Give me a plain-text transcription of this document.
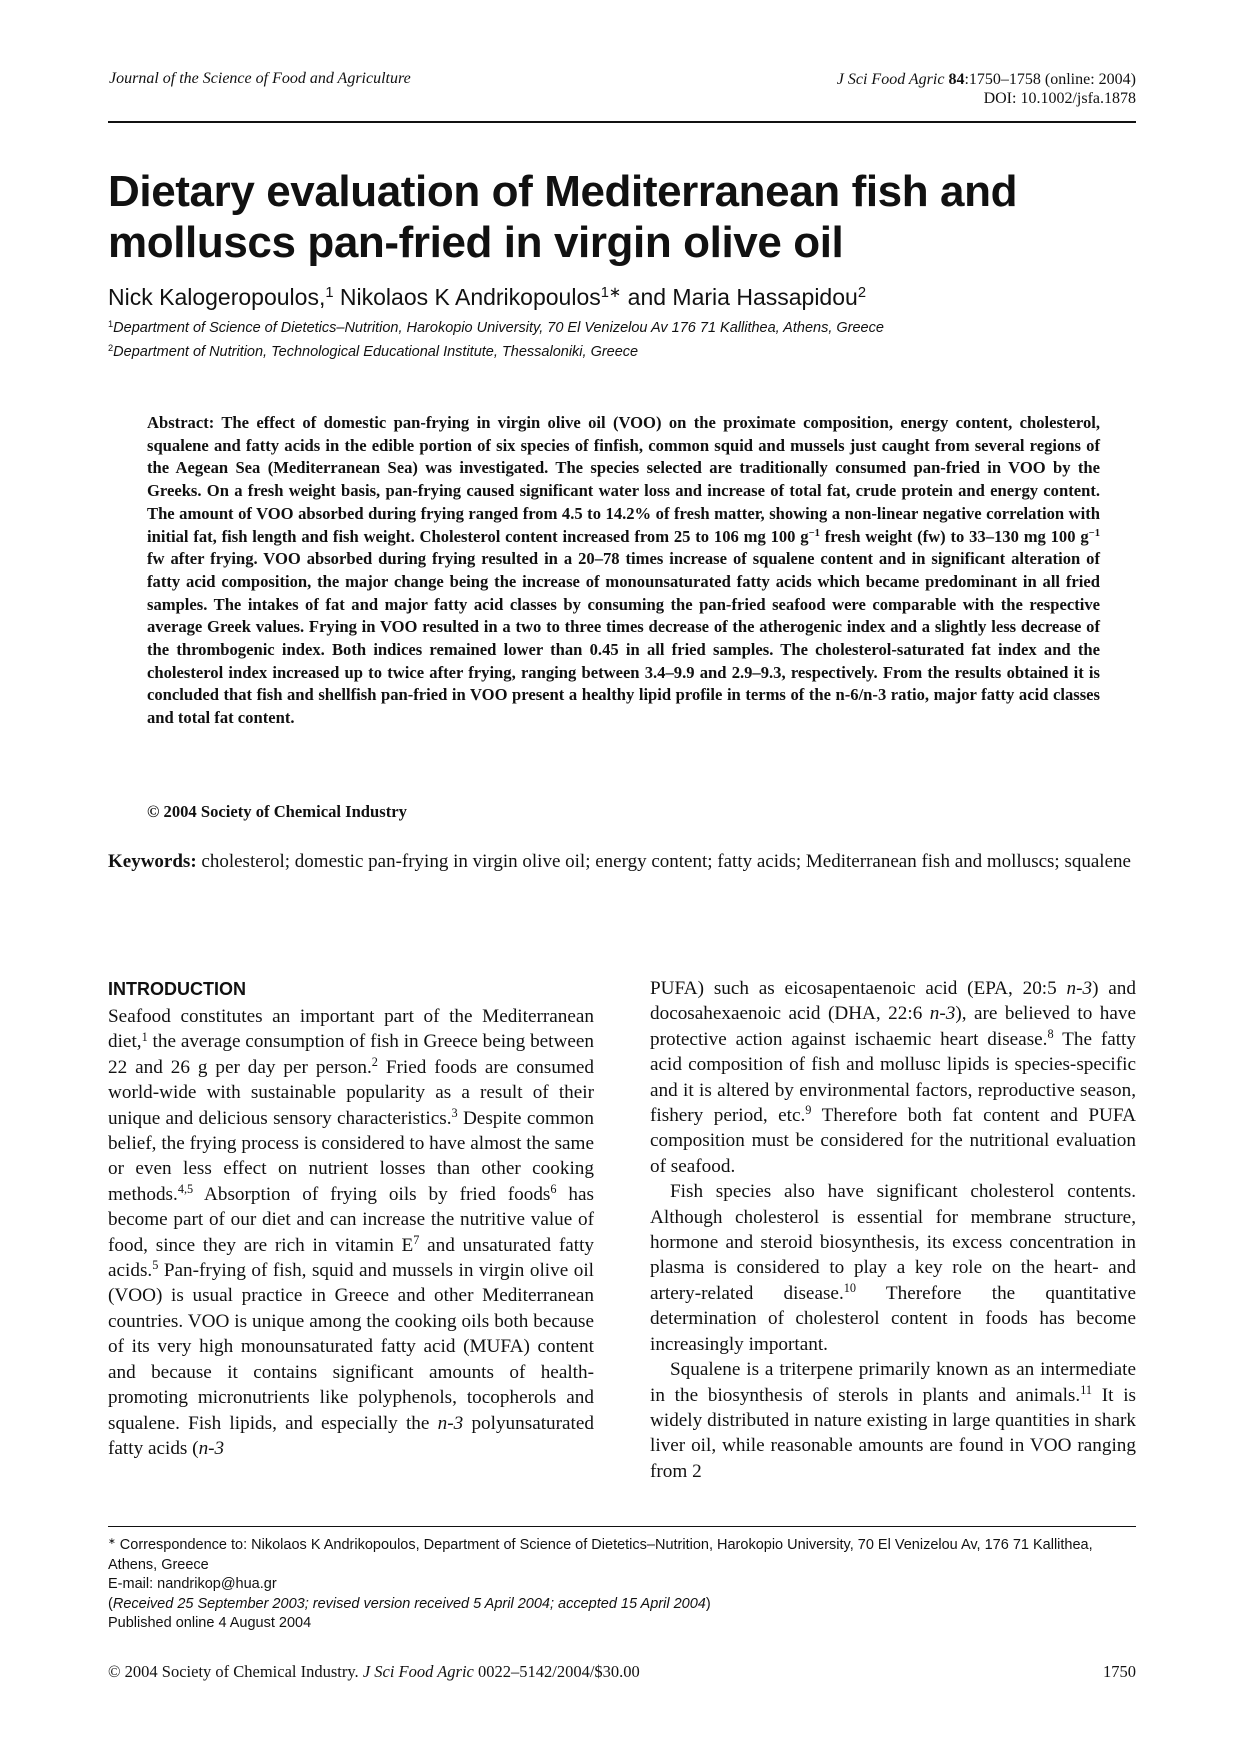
Journal of the Science of Food and Agriculture	J Sci Food Agric 84:1750–1758 (online: 2004)
DOI: 10.1002/jsfa.1878
Dietary evaluation of Mediterranean fish and
molluscs pan-fried in virgin olive oil
Nick Kalogeropoulos,$^1$ Nikolaos K Andrikopoulos$^{1∗}$ and Maria Hassapidou$^2$
$^1$Department of Science of Dietetics–Nutrition, Harokopio University, 70 El Venizelou Av 176 71 Kallithea, Athens, Greece
$^2$Department of Nutrition, Technological Educational Institute, Thessaloniki, Greece

Abstract: The effect of domestic pan-frying in virgin olive oil (VOO) on the proximate composition, energy content, cholesterol, squalene and fatty acids in the edible portion of six species of finfish, common squid and mussels just caught from several regions of the Aegean Sea (Mediterranean Sea) was investigated. The species selected are traditionally consumed pan-fried in VOO by the Greeks. On a fresh weight basis, pan-frying caused significant water loss and increase of total fat, crude protein and energy content. The amount of VOO absorbed during frying ranged from 4.5 to 14.2% of fresh matter, showing a non-linear negative correlation with initial fat, fish length and fish weight. Cholesterol content increased from 25 to 106 mg 100 $g^{-1}$ fresh weight (fw) to 33–130 mg 100 $g^{-1}$ fw after frying. VOO absorbed during frying resulted in a 20–78 times increase of squalene content and in significant alteration of fatty acid composition, the major change being the increase of monounsaturated fatty acids which became predominant in all fried samples. The intakes of fat and major fatty acid classes by consuming the pan-fried seafood were comparable with the respective average Greek values. Frying in VOO resulted in a two to three times decrease of the atherogenic index and a slightly less decrease of the thrombogenic index. Both indices remained lower than 0.45 in all fried samples. The cholesterol-saturated fat index and the cholesterol index increased up to twice after frying, ranging between 3.4–9.9 and 2.9–9.3, respectively. From the results obtained it is concluded that fish and shellfish pan-fried in VOO present a healthy lipid profile in terms of the n-6/n-3 ratio, major fatty acid classes and total fat content.

© 2004 Society of Chemical Industry
Keywords: cholesterol; domestic pan-frying in virgin olive oil; energy content; fatty acids; Mediterranean fish and molluscs; squalene
INTRODUCTION

Seafood constitutes an important part of the Mediterranean diet,$^1$ the average consumption of fish in Greece being between 22 and 26 g per day per person.$^2$ Fried foods are consumed world-wide with sustainable popularity as a result of their unique and delicious sensory characteristics.$^3$ Despite common belief, the frying process is considered to have almost the same or even less effect on nutrient losses than other cooking methods.$^{4,5}$ Absorption of frying oils by fried foods$^6$ has become part of our diet and can increase the nutritive value of food, since they are rich in vitamin $E^7$ and unsaturated fatty acids.$^5$ Pan-frying of fish, squid and mussels in virgin olive oil (VOO) is usual practice in Greece and other Mediterranean countries. VOO is unique among the cooking oils both because of its very high monounsaturated fatty acid (MUFA) content and because it contains significant amounts of health-promoting micronutrients like polyphenols, tocopherols and squalene. Fish lipids, and especially the n-3 polyunsaturated fatty acids (n-3

PUFA) such as eicosapentaenoic acid (EPA, 20:5 n-3) and docosahexaenoic acid (DHA, 22:6 n-3), are believed to have protective action against ischaemic heart disease.$^8$ The fatty acid composition of fish and mollusc lipids is species-specific and it is altered by environmental factors, reproductive season, fishery period, etc.$^9$ Therefore both fat content and PUFA composition must be considered for the nutritional evaluation of seafood.

Fish species also have significant cholesterol contents. Although cholesterol is essential for membrane structure, hormone and steroid biosynthesis, its excess concentration in plasma is considered to play a key role on the heart- and artery-related disease.$^{10}$ Therefore the quantitative determination of cholesterol content in foods has become increasingly important.

Squalene is a triterpene primarily known as an intermediate in the biosynthesis of sterols in plants and animals.$^{11}$ It is widely distributed in nature existing in large quantities in shark liver oil, while reasonable amounts are found in VOO ranging from 2

∗ Correspondence to: Nikolaos K Andrikopoulos, Department of Science of Dietetics–Nutrition, Harokopio University, 70 El Venizelou Av, 176 71 Kallithea, Athens, Greece
E-mail: nandrikop@hua.gr
(Received 25 September 2003; revised version received 5 April 2004; accepted 15 April 2004)
Published online 4 August 2004
© 2004 Society of Chemical Industry. J Sci Food Agric 0022–5142/2004/$30.00	1750
